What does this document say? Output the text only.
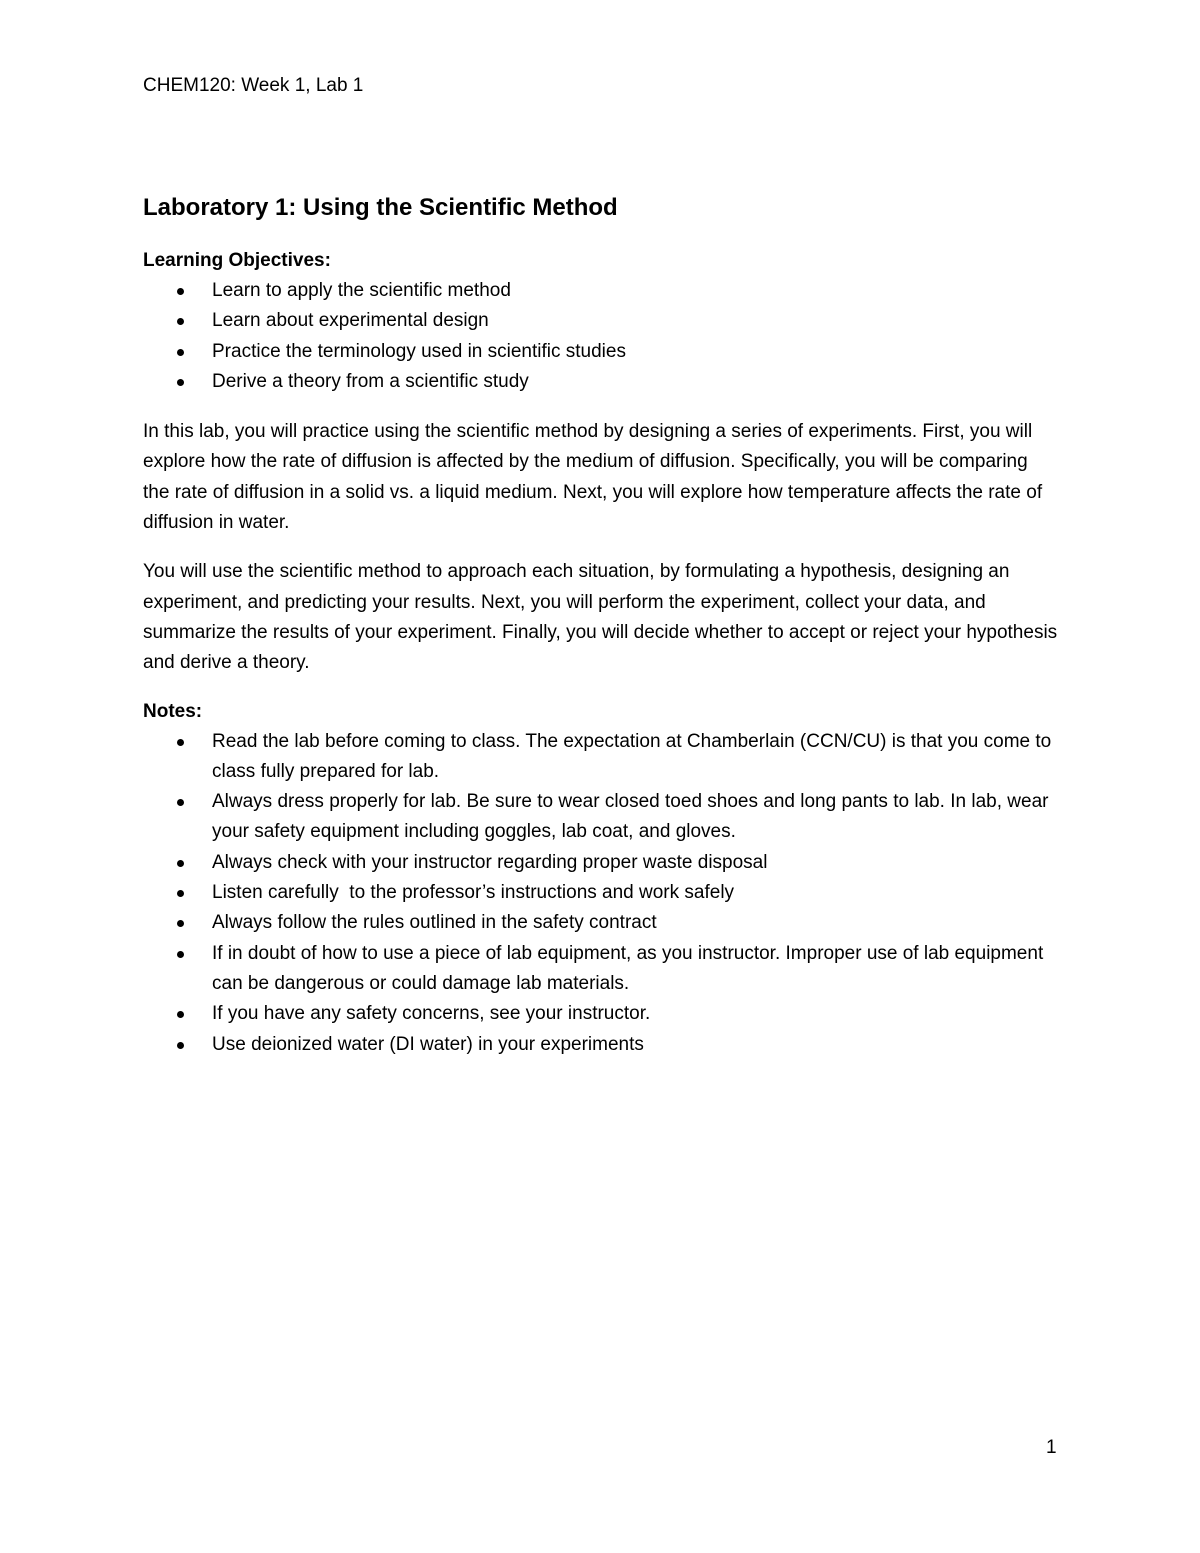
CHEM120: Week 1, Lab 1
Laboratory 1: Using the Scientific Method
Learning Objectives:
Learn to apply the scientific method
Learn about experimental design
Practice the terminology used in scientific studies
Derive a theory from a scientific study

In this lab, you will practice using the scientific method by designing a series of experiments. First, you will explore how the rate of diffusion is affected by the medium of diffusion. Specifically, you will be comparing the rate of diffusion in a solid vs. a liquid medium. Next, you will explore how temperature affects the rate of diffusion in water.

You will use the scientific method to approach each situation, by formulating a hypothesis, designing an experiment, and predicting your results. Next, you will perform the experiment, collect your data, and summarize the results of your experiment. Finally, you will decide whether to accept or reject your hypothesis and derive a theory.

Notes:
Read the lab before coming to class. The expectation at Chamberlain (CCN/CU) is that you come to class fully prepared for lab.
Always dress properly for lab. Be sure to wear closed toed shoes and long pants to lab. In lab, wear your safety equipment including goggles, lab coat, and gloves.
Always check with your instructor regarding proper waste disposal
Listen carefully  to the professor’s instructions and work safely
Always follow the rules outlined in the safety contract
If in doubt of how to use a piece of lab equipment, as you instructor. Improper use of lab equipment can be dangerous or could damage lab materials.
If you have any safety concerns, see your instructor.
Use deionized water (DI water) in your experiments
1
